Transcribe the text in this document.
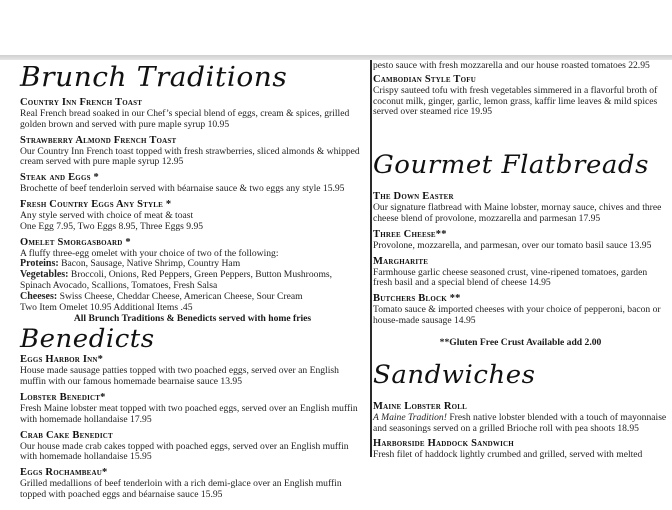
Brunch Traditions
Country Inn French Toast
Real French bread soaked in our Chef’s special blend of eggs, cream & spices, grilled golden brown and served with pure maple syrup 10.95
Strawberry Almond French Toast
Our Country Inn French toast topped with fresh strawberries, sliced almonds & whipped cream served with pure maple syrup 12.95
Steak and Eggs *
Brochette of beef tenderloin served with béarnaise sauce & two eggs any style 15.95
Fresh Country Eggs Any Style *
Any style served with choice of meat & toast
One Egg 7.95, Two Eggs 8.95, Three Eggs 9.95
Omelet Smorgasboard *
A fluffy three-egg omelet with your choice of two of the following:
Proteins: Bacon, Sausage, Native Shrimp, Country Ham
Vegetables: Broccoli, Onions, Red Peppers, Green Peppers, Button Mushrooms, Spinach Avocado, Scallions, Tomatoes, Fresh Salsa
Cheeses: Swiss Cheese, Cheddar Cheese, American Cheese, Sour Cream
Two Item Omelet 10.95 Additional Items .45
All Brunch Traditions & Benedicts served with home fries
Benedicts
Eggs Harbor Inn*
House made sausage patties topped with two poached eggs, served over an English muffin with our famous homemade bearnaise sauce 13.95
Lobster Benedict*
Fresh Maine lobster meat topped with two poached eggs, served over an English muffin with homemade hollandaise 17.95
Crab Cake Benedict
Our house made crab cakes topped with poached eggs, served over an English muffin with homemade hollandaise 15.95
Eggs Rochambeau*
Grilled medallions of beef tenderloin with a rich demi-glace over an English muffin topped with poached eggs and béarnaise sauce 15.95
pesto sauce with fresh mozzarella and our house roasted tomatoes 22.95
Cambodian Style Tofu
Crispy sauteed tofu with fresh vegetables simmered in a flavorful broth of coconut milk, ginger, garlic, lemon grass, kaffir lime leaves & mild spices served over steamed rice 19.95
Gourmet Flatbreads
The Down Easter
Our signature flatbread with Maine lobster, mornay sauce, chives and three cheese blend of provolone, mozzarella and parmesan 17.95
Three Cheese**
Provolone, mozzarella, and parmesan, over our tomato basil sauce 13.95
Margharite
Farmhouse garlic cheese seasoned crust, vine-ripened tomatoes, garden fresh basil and a special blend of cheese 14.95
Butchers Block **
Tomato sauce & imported cheeses with your choice of pepperoni, bacon or house-made sausage 14.95
**Gluten Free Crust Available add 2.00
Sandwiches
Maine Lobster Roll
A Maine Tradition! Fresh native lobster blended with a touch of mayonnaise and seasonings served on a grilled Brioche roll with pea shoots 18.95
Harborside Haddock Sandwich
Fresh filet of haddock lightly crumbed and grilled, served with melted
